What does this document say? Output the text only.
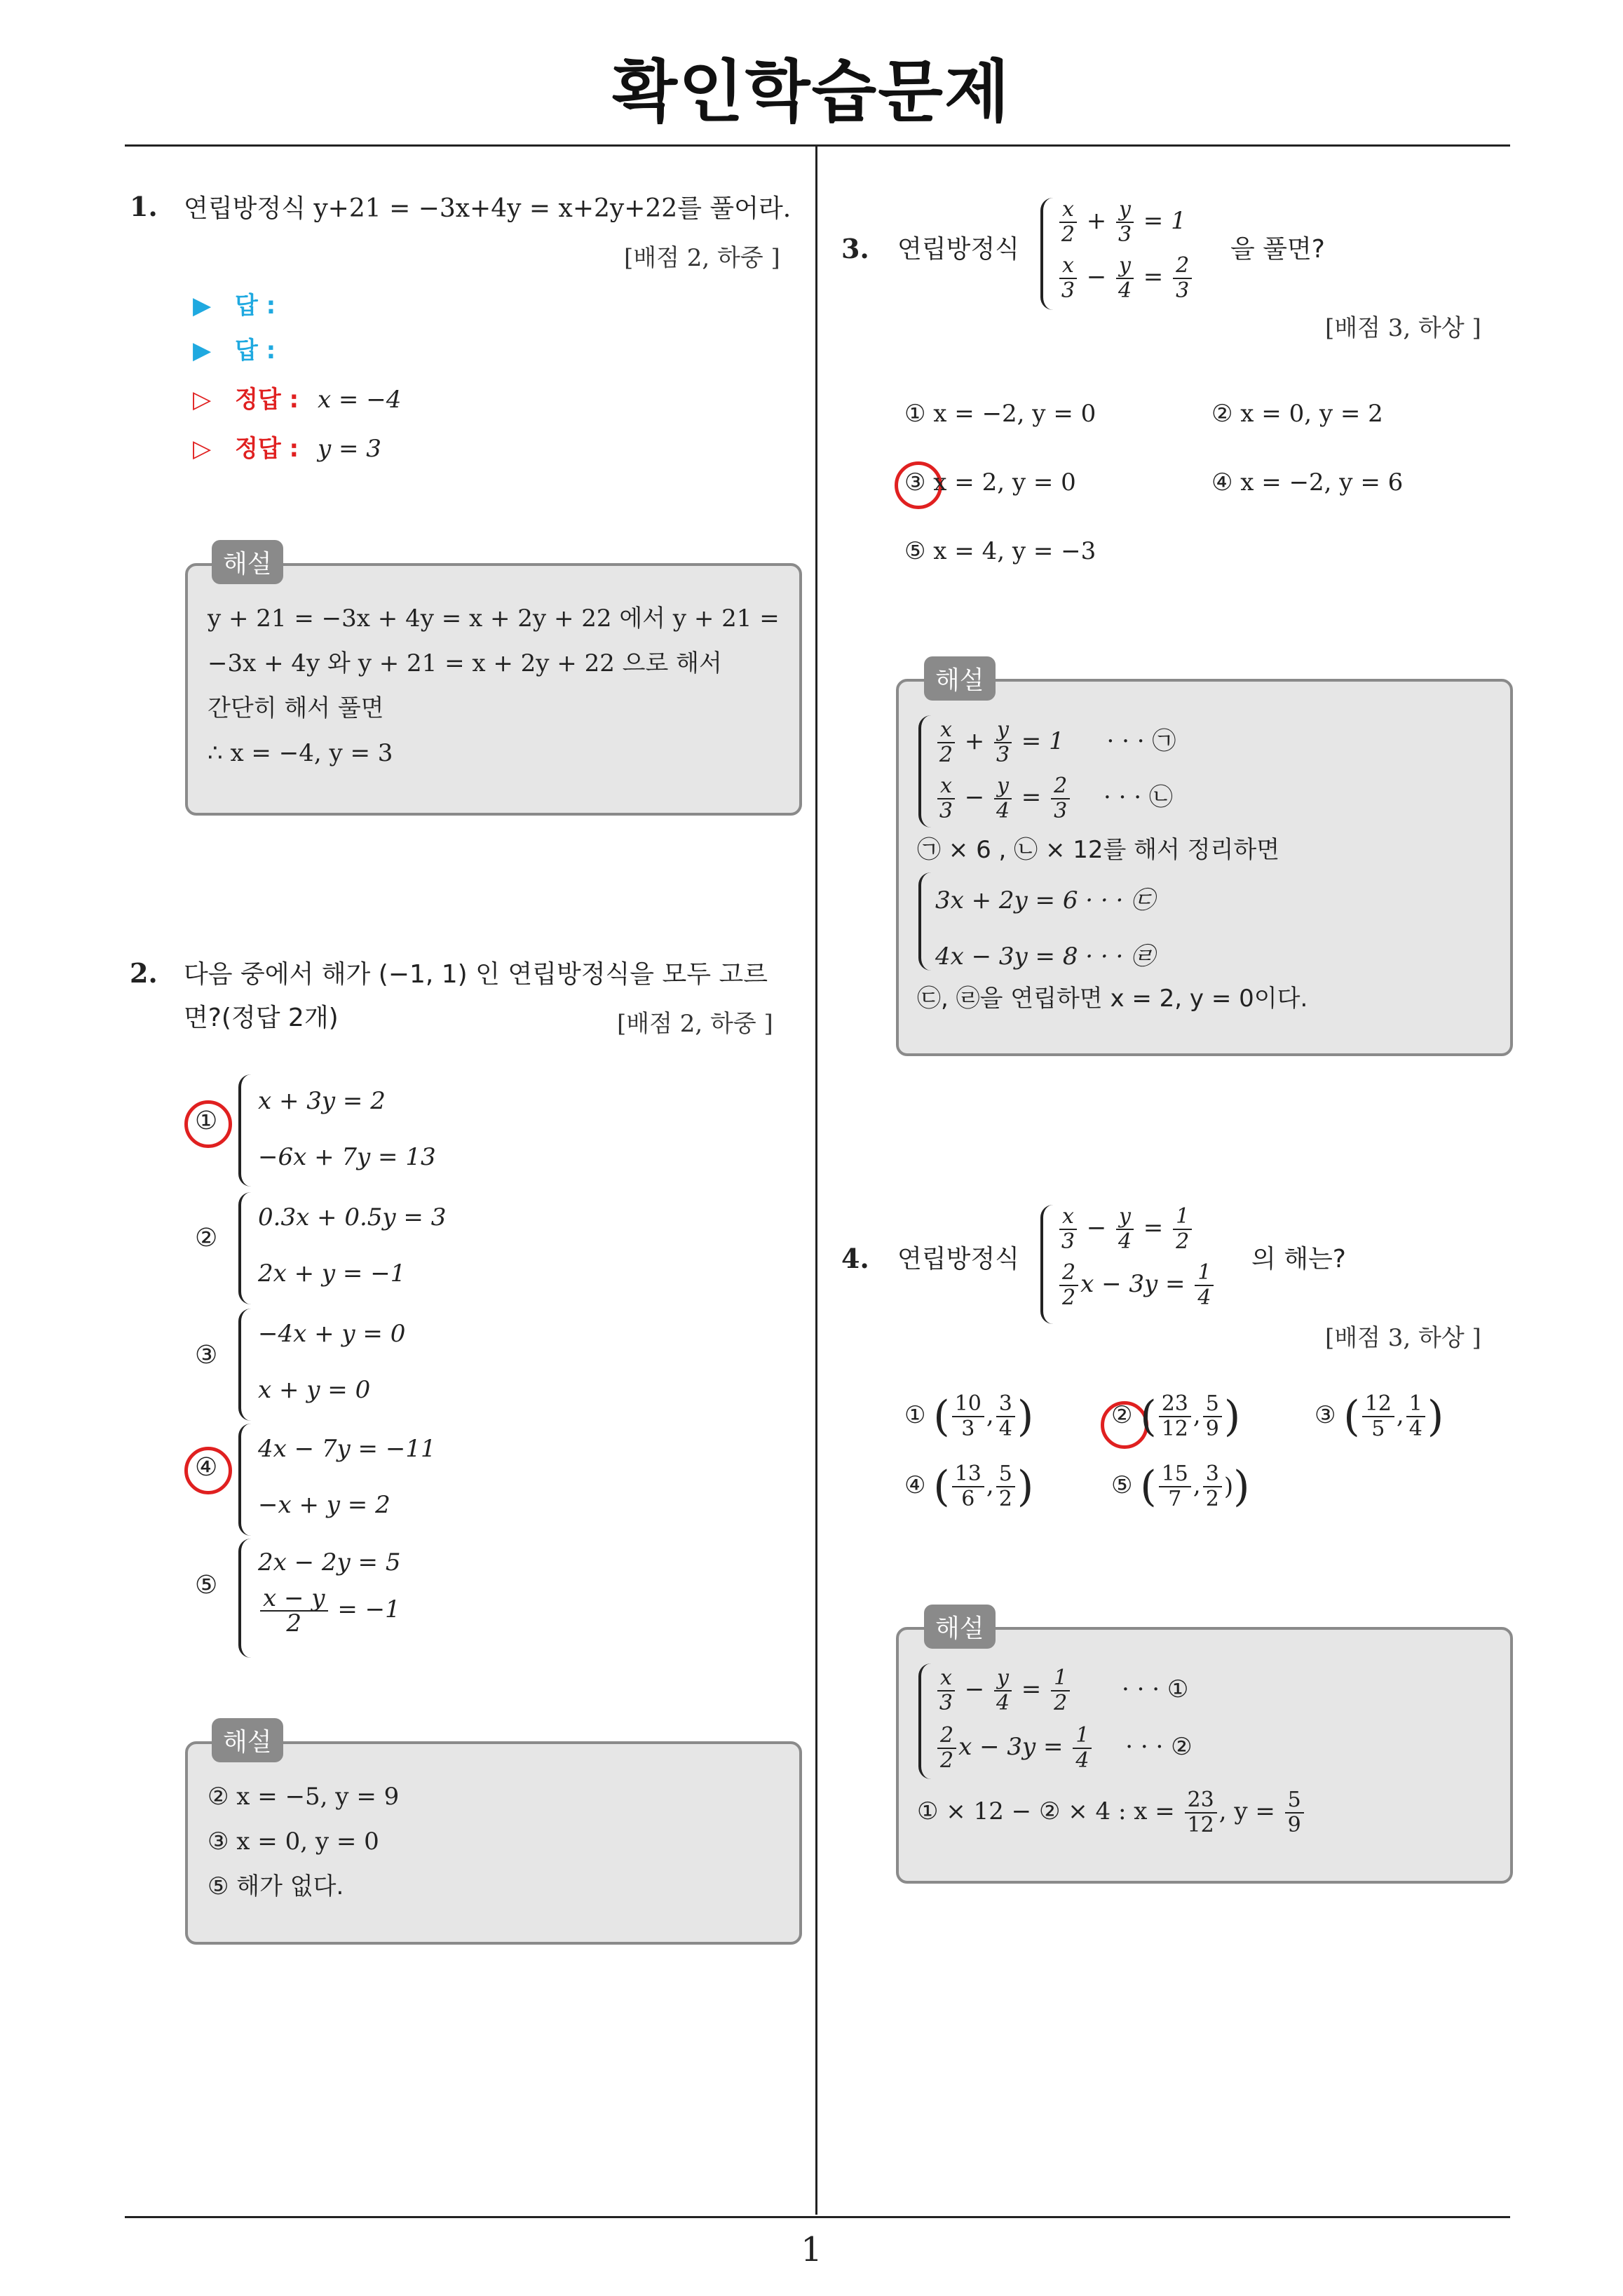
확인학습문제
1
1. 연립방정식 y+21 = −3x+4y = x+2y+22를 풀어라.
[배점 2, 하중 ]
▶ 답 :
▶ 답 :
▷ 정답 : x = −4
▷ 정답 : y = 3
해설
y + 21 = −3x + 4y = x + 2y + 22 에서 y + 21 =
−3x + 4y 와 y + 21 = x + 2y + 22 으로 해서
간단히 해서 풀면
∴ x = −4, y = 3
2. 다음 중에서 해가 (−1, 1) 인 연립방정식을 모두 고르
면?(정답 2개)	[배점 2, 하중 ]
①
x + 3y = 2
−6x + 7y = 13
②
0.3x + 0.5y = 3
2x + y = −1
③
−4x + y = 0
x + y = 0
④
4x − 7y = −11
−x + y = 2
⑤
2x − 2y = 5
$\frac{x - y}{2} = -1$
해설
② x = −5, y = 9
③ x = 0, y = 0
⑤ 해가 없다.
3. 연립방정식
$\frac{x}{2} + \frac{y}{3} = 1$
$\frac{x}{3} - \frac{y}{4} = \frac{2}{3}$
을 풀면?
[배점 3, 하상 ]
① x = −2, y = 0	② x = 0, y = 2
③ x = 2, y = 0	④ x = −2, y = 6
⑤ x = 4, y = −3
해설
$\frac{x}{2} + \frac{y}{3} = 1$ · · · ㉠
$\frac{x}{3} - \frac{y}{4} = \frac{2}{3}$ · · · ㉡
㉠ × 6 , ㉡ × 12를 해서 정리하면
3x + 2y = 6 · · · ㉢
4x − 3y = 8 · · · ㉣
㉢, ㉣을 연립하면 x = 2, y = 0이다.
4. 연립방정식
$\frac{x}{3} - \frac{y}{4} = \frac{1}{2}$
$\frac{2}{2}$ $x - 3y = \frac{1}{4}$
의 해는?
[배점 3, 하상 ]
① ( $\frac{10}{3}$ , $\frac{3}{4}$ )	② ( $\frac{23}{12}$ , $\frac{5}{9}$ )	③ ( $\frac{12}{5}$ , $\frac{1}{4}$ )
④ ( $\frac{13}{6}$ , $\frac{5}{2}$ )	⑤ ( $\frac{15}{7}$ , $\frac{3}{2}$ ))
해설
$\frac{x}{3} - \frac{y}{4} = \frac{1}{2}$ · · · ①
$\frac{2}{2}$ $x - 3y = \frac{1}{4}$ · · · ②
① × 12 − ② × 4 : $x = \frac{23}{12}$ , $y = \frac{5}{9}$
